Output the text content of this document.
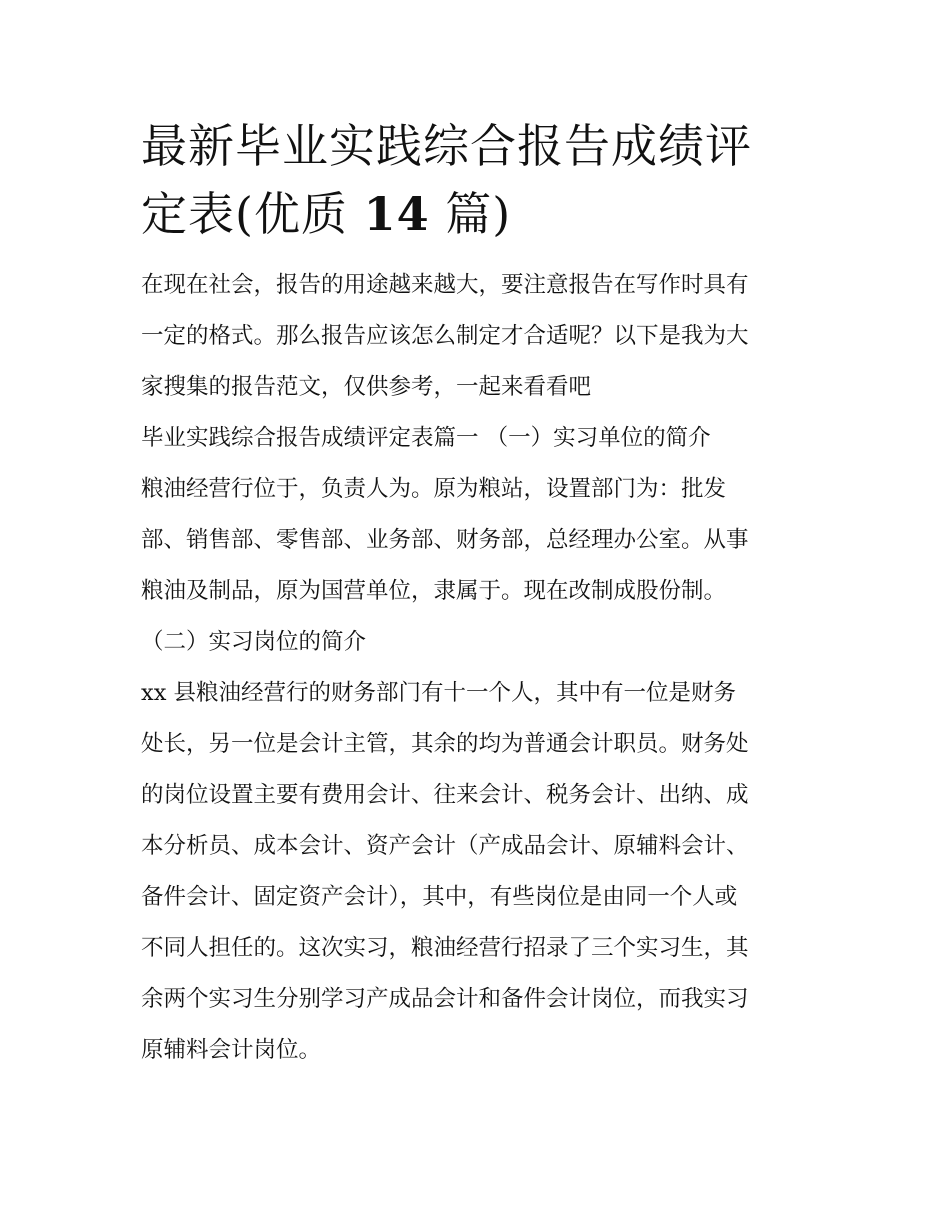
最新毕业实践综合报告成绩评
定表(优质 14 篇)

在现在社会，报告的用途越来越大，要注意报告在写作时具有

一定的格式。那么报告应该怎么制定才合适呢？以下是我为大

家搜集的报告范文，仅供参考，一起来看看吧

毕业实践综合报告成绩评定表篇一 （一）实习单位的简介

粮油经营行位于，负责人为。原为粮站，设置部门为：批发

部、销售部、零售部、业务部、财务部，总经理办公室。从事

粮油及制品，原为国营单位，隶属于。现在改制成股份制。

（二）实习岗位的简介

xx 县粮油经营行的财务部门有十一个人，其中有一位是财务

处长，另一位是会计主管，其余的均为普通会计职员。财务处

的岗位设置主要有费用会计、往来会计、税务会计、出纳、成

本分析员、成本会计、资产会计（产成品会计、原辅料会计、

备件会计、固定资产会计），其中，有些岗位是由同一个人或

不同人担任的。这次实习，粮油经营行招录了三个实习生，其

余两个实习生分别学习产成品会计和备件会计岗位，而我实习

原辅料会计岗位。
